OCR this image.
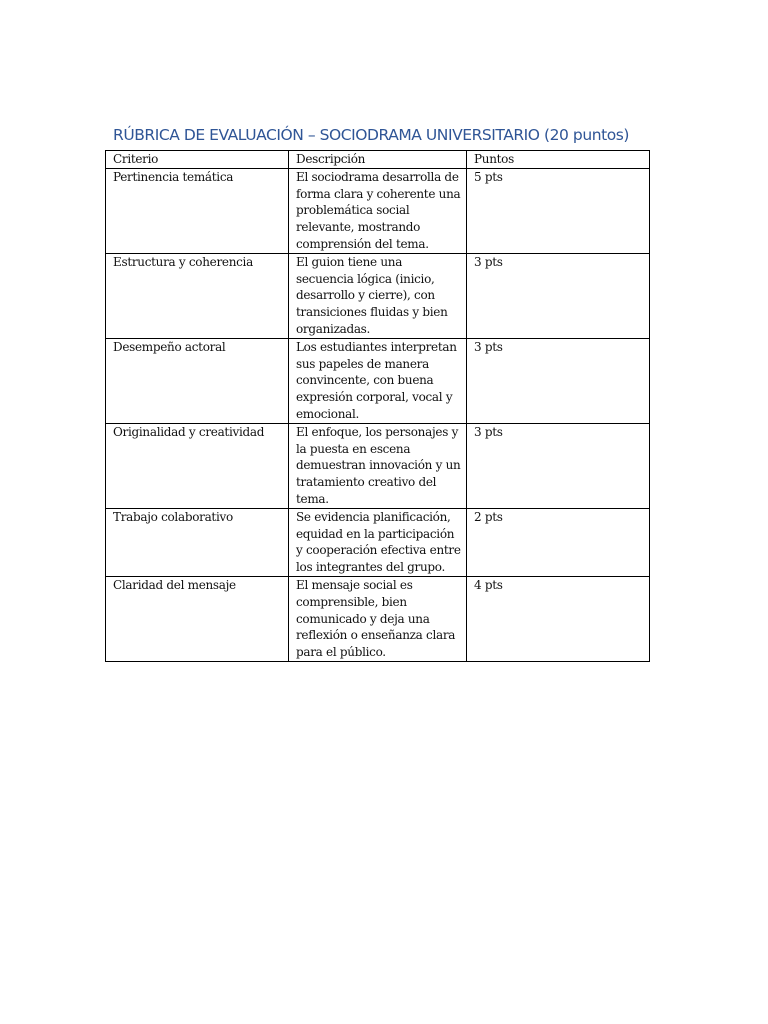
RÚBRICA DE EVALUACIÓN – SOCIODRAMA UNIVERSITARIO (20 puntos)
Criterio	Descripción	Puntos
Pertinencia temática	El sociodrama desarrolla de forma clara y coherente una problemática social relevante, mostrando comprensión del tema.	5 pts
Estructura y coherencia	El guion tiene una secuencia lógica (inicio, desarrollo y cierre), con transiciones fluidas y bien organizadas.	3 pts
Desempeño actoral	Los estudiantes interpretan sus papeles de manera convincente, con buena expresión corporal, vocal y emocional.	3 pts
Originalidad y creatividad	El enfoque, los personajes y la puesta en escena demuestran innovación y un tratamiento creativo del tema.	3 pts
Trabajo colaborativo	Se evidencia planificación, equidad en la participación y cooperación efectiva entre los integrantes del grupo.	2 pts
Claridad del mensaje	El mensaje social es comprensible, bien comunicado y deja una reflexión o enseñanza clara para el público.	4 pts
